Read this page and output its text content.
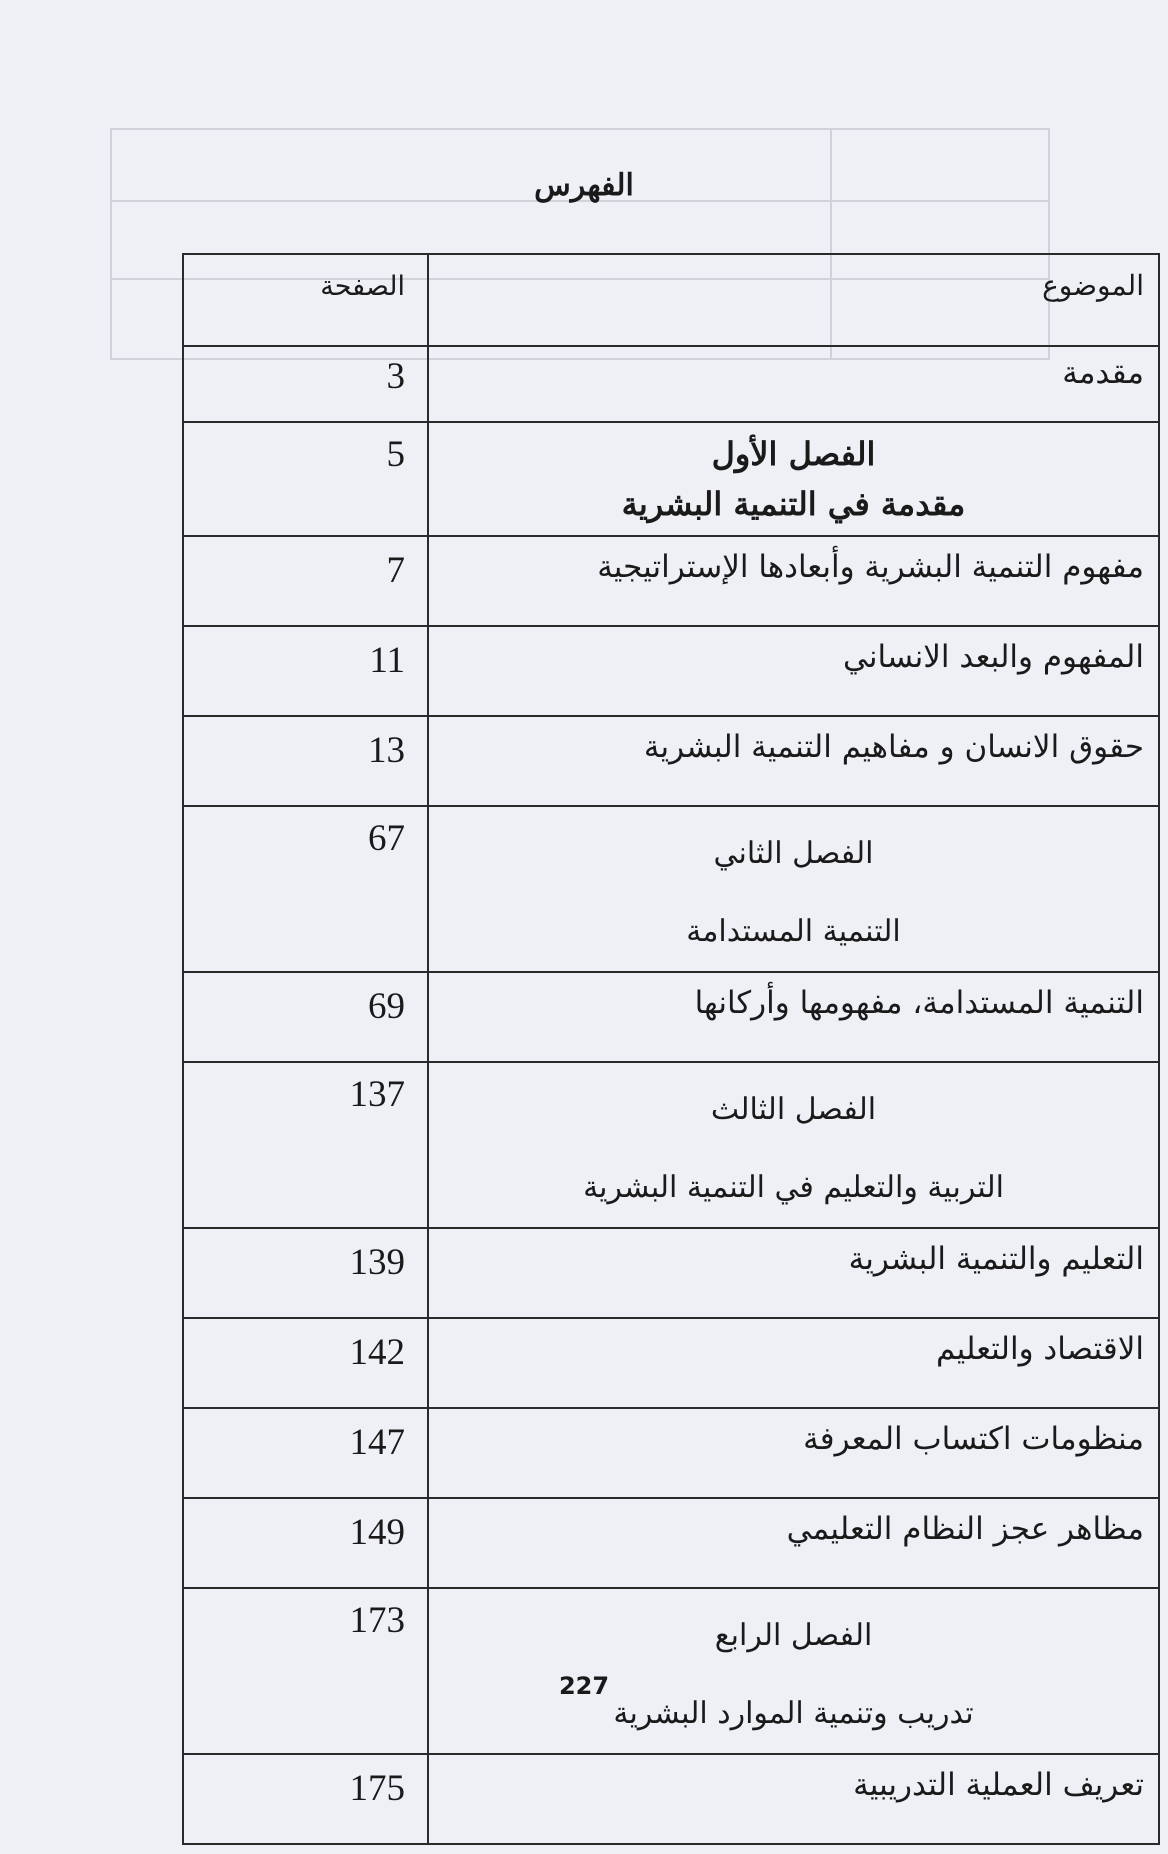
الفهرس
الموضوع	الصفحة
مقدمة	3

الفصل الأول
مقدمة في التنمية البشرية	5
مفهوم التنمية البشرية وأبعادها الإستراتيجية	7
المفهوم والبعد الانساني	11
حقوق الانسان و مفاهيم التنمية البشرية	13

الفصل الثاني
التنمية المستدامة	67
التنمية المستدامة، مفهومها وأركانها	69

الفصل الثالث
التربية والتعليم في التنمية البشرية	137
التعليم والتنمية البشرية	139
الاقتصاد والتعليم	142
منظومات اكتساب المعرفة	147
مظاهر عجز النظام التعليمي	149

الفصل الرابع
تدريب وتنمية الموارد البشرية	173
تعريف العملية التدريبية	175
227
